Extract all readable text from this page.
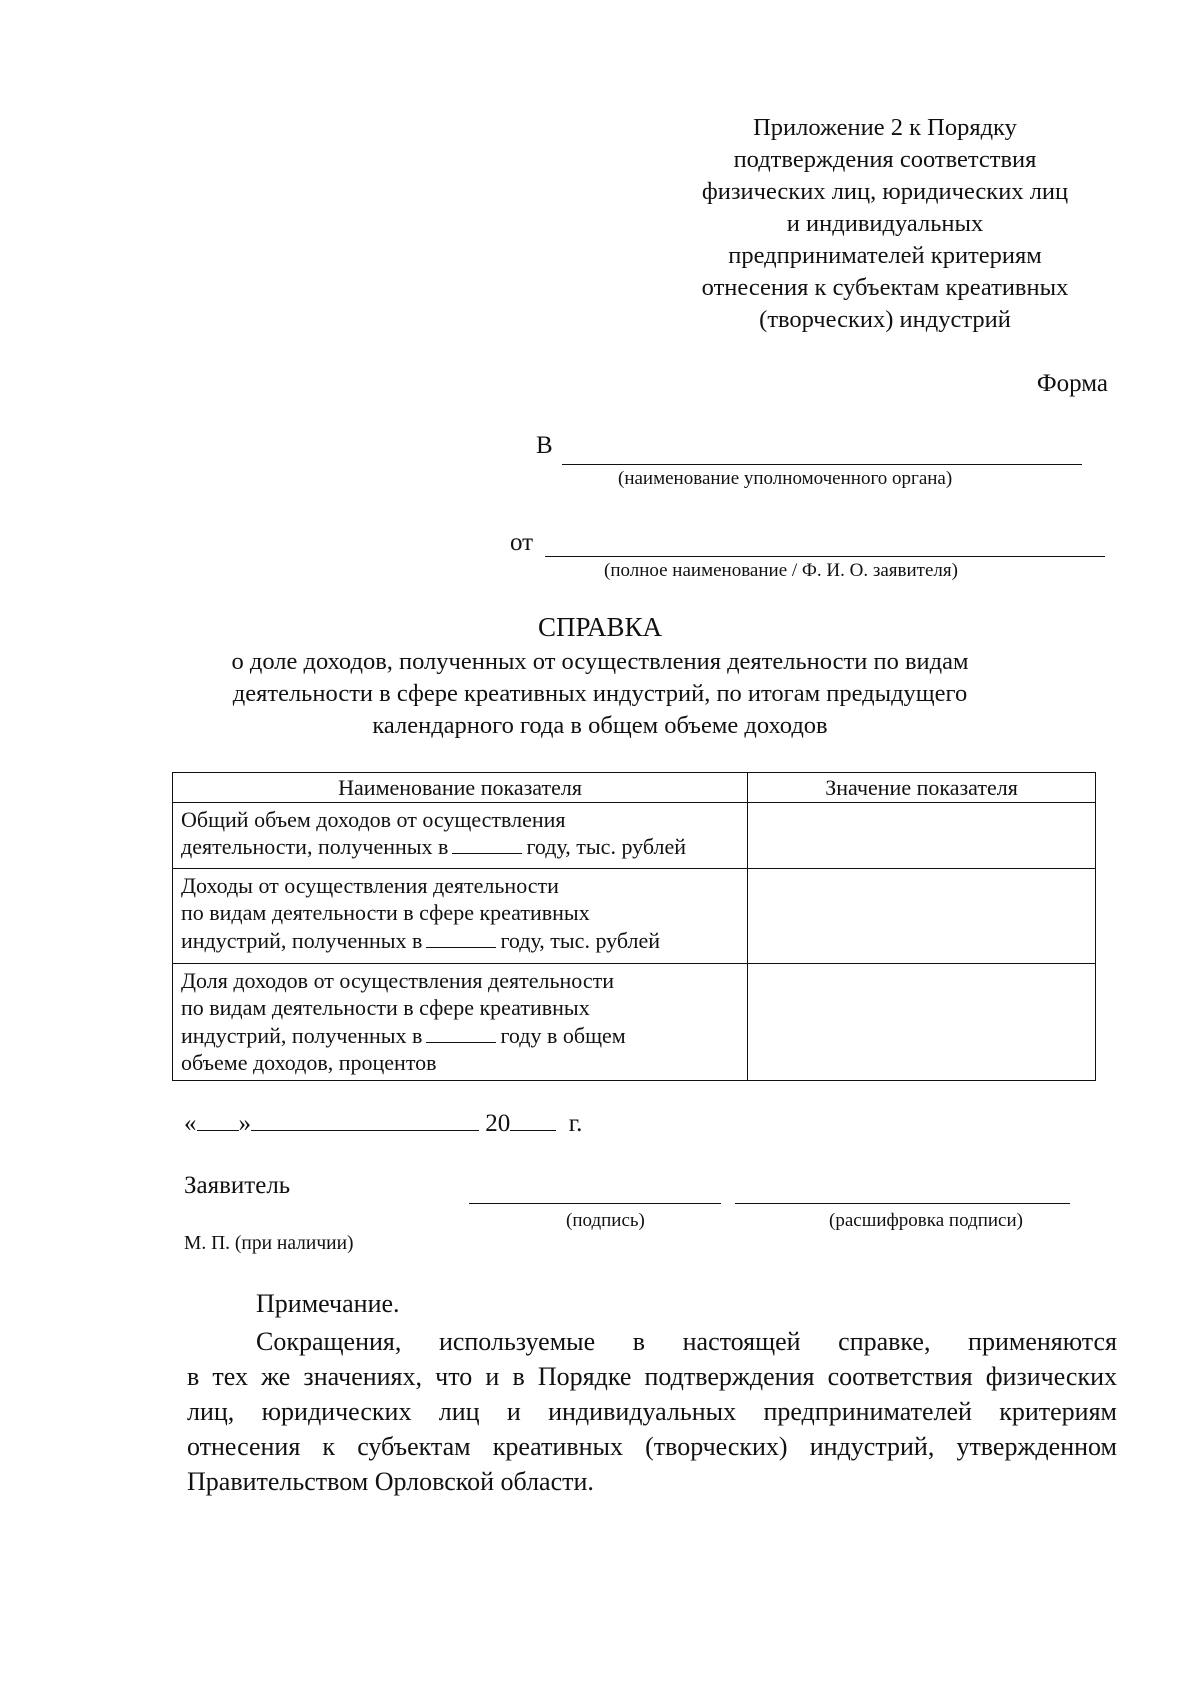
Приложение 2 к Порядку
подтверждения соответствия
физических лиц, юридических лиц
и индивидуальных
предпринимателей критериям
отнесения к субъектам креативных
(творческих) индустрий
Форма
В
(наименование уполномоченного органа)
от
(полное наименование / Ф. И. О. заявителя)
СПРАВКА
о доле доходов, полученных от осуществления деятельности по видам
деятельности в сфере креативных индустрий, по итогам предыдущего
календарного года в общем объеме доходов
Наименование показателя	Значение показателя

Общий объем доходов от осуществления
деятельности, полученных в году, тыс. рублей	

Доходы от осуществления деятельности
по видам деятельности в сфере креативных
индустрий, полученных в году, тыс. рублей	

Доля доходов от осуществления деятельности
по видам деятельности в сфере креативных
индустрий, полученных в году в общем
объеме доходов, процентов	

« »	20 г.
Заявитель
(подпись)	(расшифровка подписи)
М. П. (при наличии)
Примечание.
Сокращения, используемые в настоящей справке, применяются
в тех же значениях, что и в Порядке подтверждения соответствия физических
лиц, юридических лиц и индивидуальных предпринимателей критериям
отнесения к субъектам креативных (творческих) индустрий, утвержденном
Правительством Орловской области.
